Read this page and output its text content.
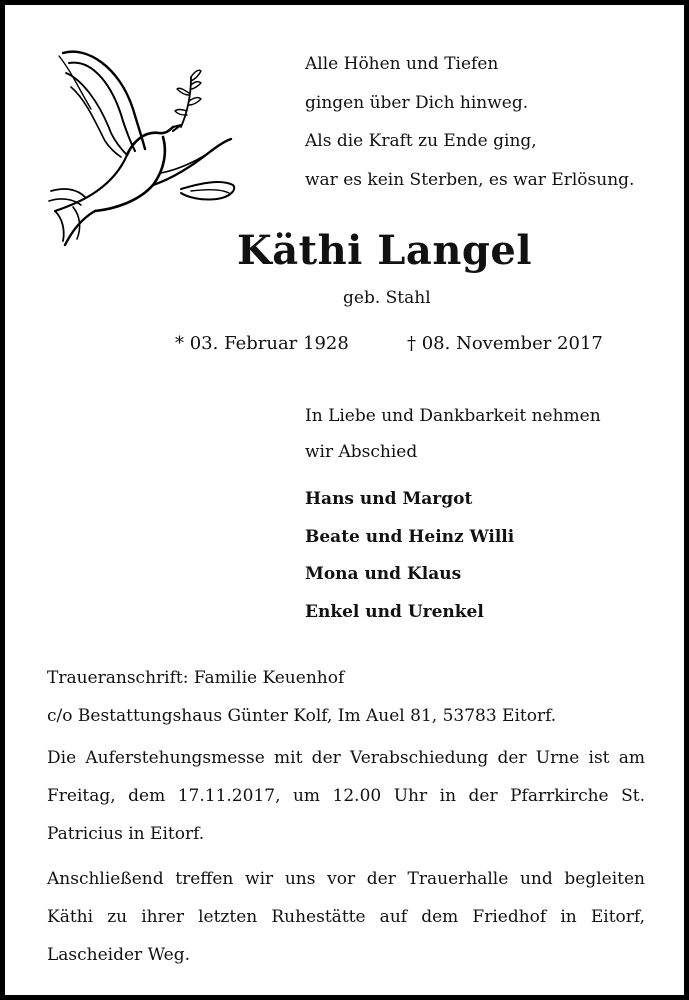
Alle Höhen und Tiefen
gingen über Dich hinweg.
Als die Kraft zu Ende ging,
war es kein Sterben, es war Erlösung.
Käthi Langel
geb. Stahl
* 03. Februar 1928	† 08. November 2017
In Liebe und Dankbarkeit nehmen
wir Abschied
Hans und Margot
Beate und Heinz Willi
Mona und Klaus
Enkel und Urenkel
Traueranschrift: Familie Keuenhof
c/o Bestattungshaus Günter Kolf, Im Auel 81, 53783 Eitorf.
Die Auferstehungsmesse mit der Verabschiedung der Urne ist am Freitag, dem 17.11.2017, um 12.00 Uhr in der Pfarrkirche St. Patricius in Eitorf.
Anschließend treffen wir uns vor der Trauerhalle und begleiten Käthi zu ihrer letzten Ruhestätte auf dem Friedhof in Eitorf, Lascheider Weg.
